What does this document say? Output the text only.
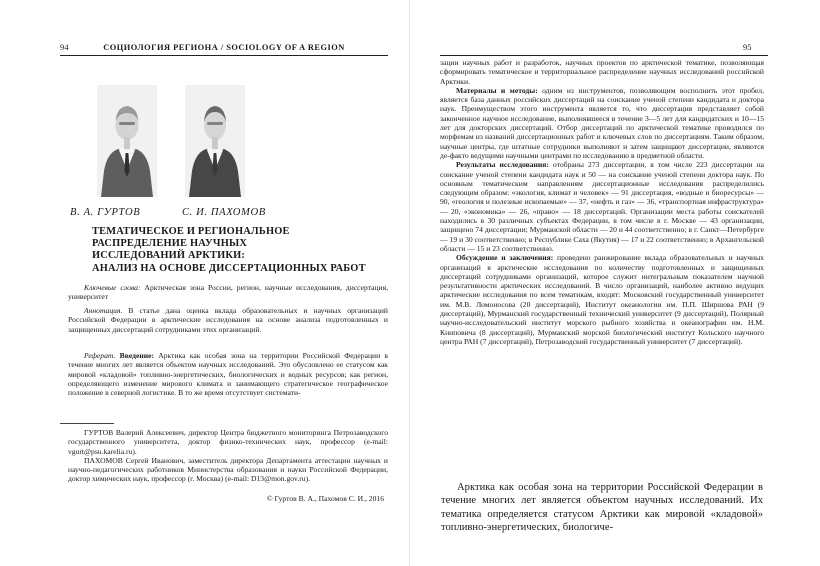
94	СОЦИОЛОГИЯ РЕГИОНА / SOCIOLOGY OF A REGION
В. А. ГУРТОВ	С. И. ПАХОМОВ
ТЕМАТИЧЕСКОЕ И РЕГИОНАЛЬНОЕ
РАСПРЕДЕЛЕНИЕ НАУЧНЫХ
ИССЛЕДОВАНИЙ АРКТИКИ:
АНАЛИЗ НА ОСНОВЕ ДИССЕРТАЦИОННЫХ РАБОТ

Ключевые слова: Арктическая зона России, регион, научные исследования, диссертация, университет

Аннотация. В статье дана оценка вклада образовательных и научных организаций Российской Федерации в арктические исследования на основе анализа подготовленных и защищенных диссертаций сотрудниками этих организаций.

Реферат. Введение: Арктика как особая зона на территории Российской Федерации в течение многих лет является объектом научных исследований. Это обусловлено ее статусом как мировой «кладовой» топливно-энергетических, биологических и водных ресурсов; как регион, определяющего изменение мирового климата и занимающего стратегическое географическое положение в северной логистике. В то же время отсутствует системати-

ГУРТОВ Валерий Алексеевич, директор Центра бюджетного мониторинга Петрозаводского государственного университета, доктор физико-технических наук, профессор (e-mail: vgurt@psu.karelia.ru).

ПАХОМОВ Сергей Иванович, заместитель директора Департамента аттестации научных и научно-педагогических работников Министерства образования и науки Российской Федерации, доктор химических наук, профессор (г. Москва) (e-mail: D13@mon.gov.ru).

© Гуртов В. А., Пахомов С. И., 2016
95

зации научных работ и разработок, научных проектов по арктической тематике, позволяющая сформировать тематическое и территориальное распределение научных исследований российской Арктики.

Материалы и методы: одним из инструментов, позволяющим восполнить этот пробел, является база данных российских диссертаций на соискание ученой степени кандидата и доктора наук. Преимуществом этого инструмента является то, что диссертация представляет собой законченное научное исследование, выполнявшееся в течение 3—5 лет для кандидатских и 10—15 лет для докторских диссертаций. Отбор диссертаций по арктической тематике проводился по морфемам из названий диссертационных работ и ключевых слов по диссертациям. Таким образом, научные центры, где штатные сотрудники выполняют и затем защищают диссертации, являются де-факто ведущими научными центрами по исследованию в предметной области.

Результаты исследования: отобраны 273 диссертации, в том числе 223 диссертации на соискание ученой степени кандидата наук и 50 — на соискание ученой степени доктора наук. По основным тематическим направлениям диссертационные исследования распределились следующим образом: «экология, климат и человек» — 91 диссертация, «водные и биоресурсы» — 90, «геология и полезные ископаемые» — 37, «нефть и газ» — 36, «транспортная инфраструктура» — 20, «экономика» — 26, «право» — 18 диссертаций. Организации места работы соискателей находились в 30 различных субъектах Федерации, в том числе в г. Москве — 43 организации, защищено 74 диссертации; Мурманской области — 20 и 44 соответственно; в г. Санкт—Петербурге — 19 и 30 соответственно; в Республике Саха (Якутия) — 17 и 22 соответственно; в Архангельской области — 15 и 23 соответственно.

Обсуждение и заключения: проведено ранжирование вклада образовательных и научных организаций в арктические исследования по количеству подготовленных и защищенных диссертаций сотрудниками организаций, которое служит интегральным показателем научной результативности арктических исследований. В число организаций, наиболее активно ведущих арктические исследования по всем тематикам, входят: Московский государственный университет им. М.В. Ломоносова (20 диссертаций), Институт океанологии им. П.П. Ширшова РАН (9 диссертаций), Мурманский государственный технический университет (9 диссертаций), Полярный научно-исследовательский институт морского рыбного хозяйства и океанографии им. Н.М. Книповича (8 диссертаций), Мурманский морской биологический институт Кольского научного центра РАН (7 диссертаций), Петрозаводский государственный университет (7 диссертаций).

Арктика как особая зона на территории Российской Федерации в течение многих лет является объектом научных исследований. Их тематика определяется статусом Арктики как мировой «кладовой» топливно-энергетических, биологиче-
